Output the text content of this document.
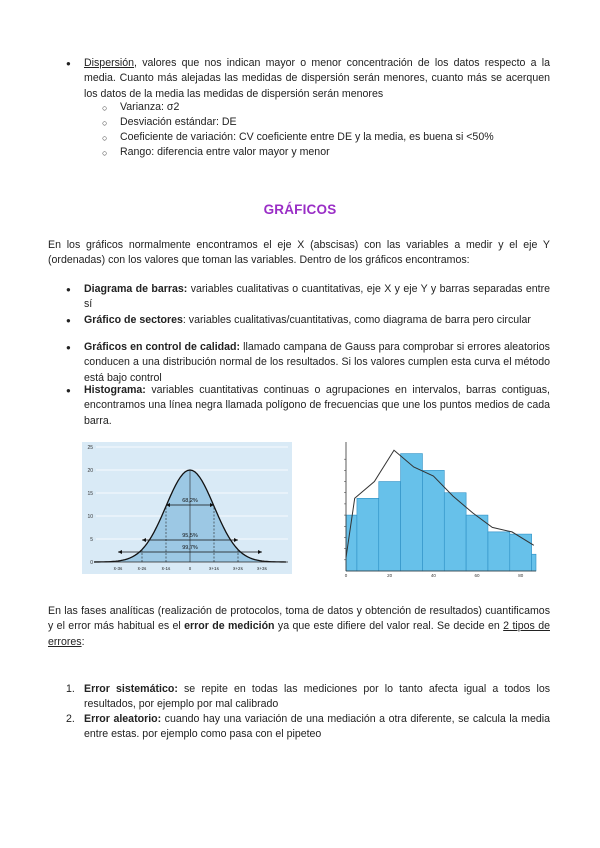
● Dispersión, valores que nos indican mayor o menor concentración de los datos respecto a la media. Cuanto más alejadas las medidas de dispersión serán menores, cuanto más se acerquen los datos de la media las medidas de dispersión serán menores

○ Varianza: σ2
○ Desviación estándar: DE
○ Coeficiente de variación: CV coeficiente entre DE y la media, es buena si <50%
○ Rango: diferencia entre valor mayor y menor
GRÁFICOS

En los gráficos normalmente encontramos el eje X (abscisas) con las variables a medir y el eje Y (ordenadas) con los valores que toman las variables. Dentro de los gráficos encontramos:

● Diagrama de barras: variables cualitativas o cuantitativas, eje X y eje Y y barras separadas entre sí

● Gráfico de sectores: variables cualitativas/cuantitativas, como diagrama de barra pero circular

● Gráficos en control de calidad: llamado campana de Gauss para comprobar si errores aleatorios conducen a una distribución normal de los resultados. Si los valores cumplen esta curva el método está bajo control

● Histograma: variables cuantitativas continuas o agrupaciones en intervalos, barras contiguas, encontramos una línea negra llamada polígono de frecuencias que une los puntos medios de cada barra.

25
20
15
10
5
0
x̄-3s	x̄-2s	x̄-1s	x̄	x̄+1s	x̄+2s	x̄+3s
68,2%
95,5%
99,7%
0	20	40	60	80

En las fases analíticas (realización de protocolos, toma de datos y obtención de resultados) cuantificamos y el error más habitual es el error de medición ya que este difiere del valor real. Se decide en 2 tipos de errores:

1. Error sistemático: se repite en todas las mediciones por lo tanto afecta igual a todos los resultados, por ejemplo por mal calibrado

2. Error aleatorio: cuando hay una variación de una mediación a otra diferente, se calcula la media entre estas. por ejemplo como pasa con el pipeteo
